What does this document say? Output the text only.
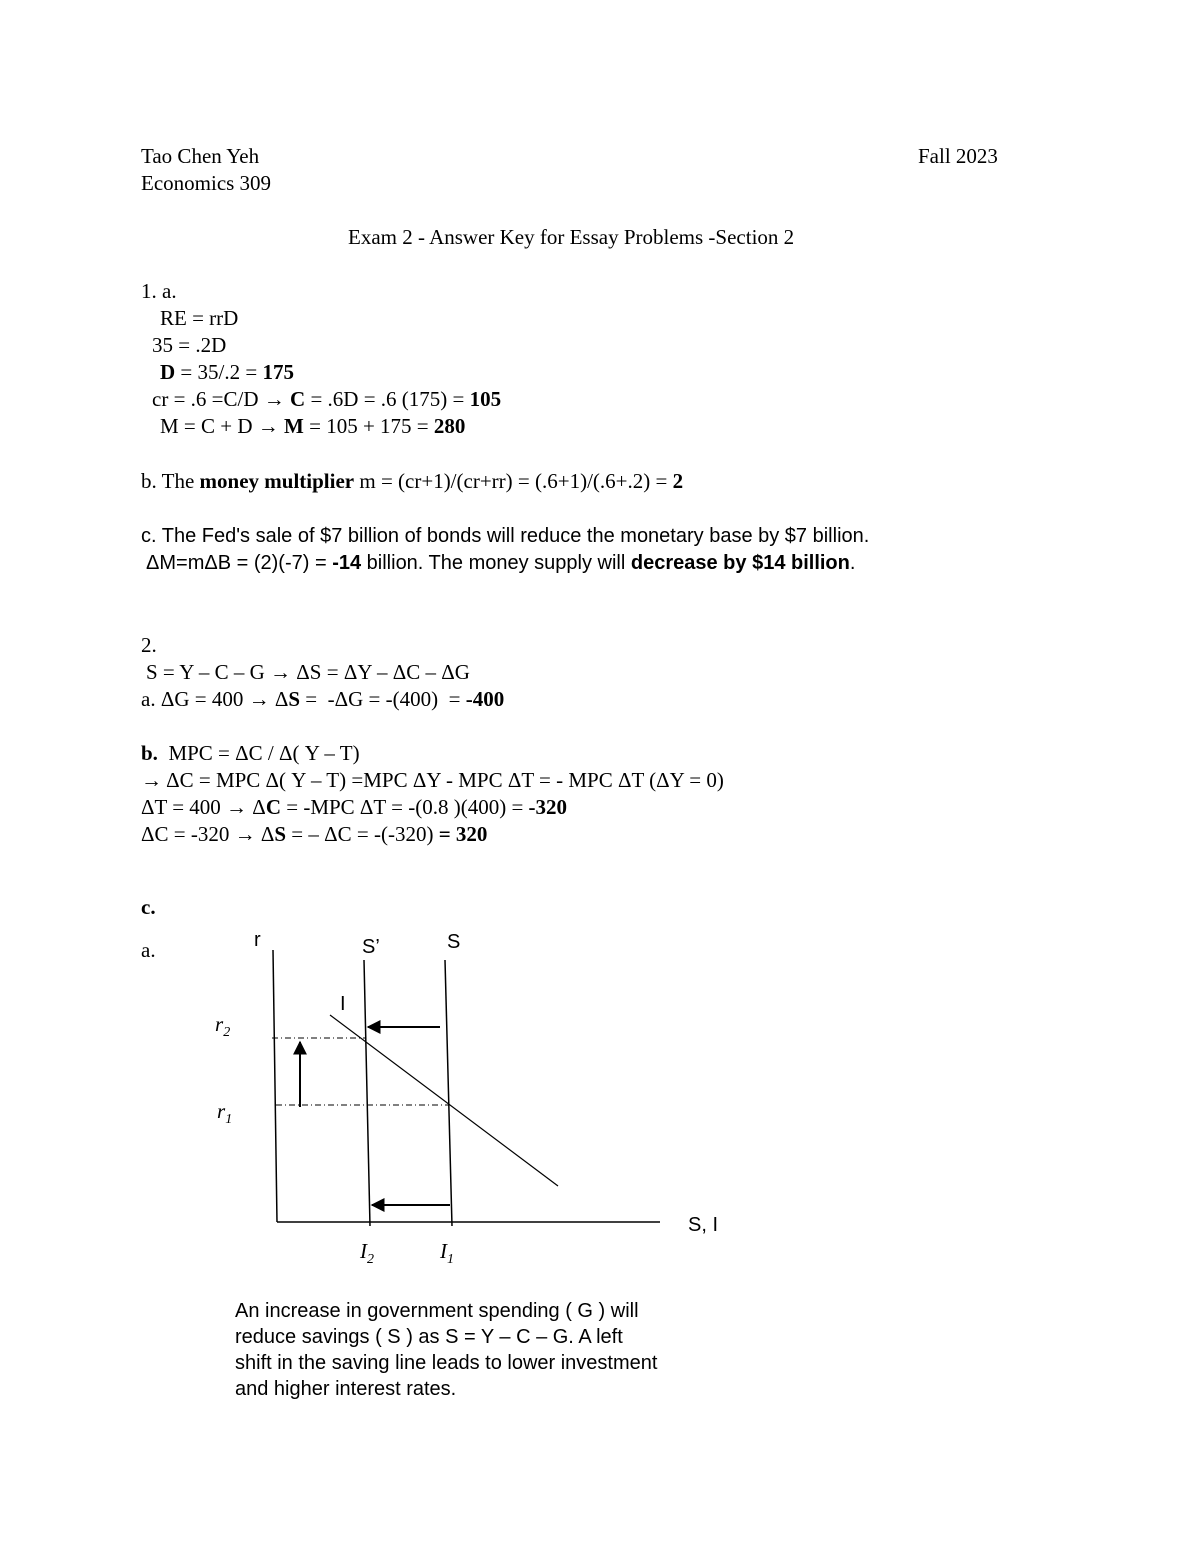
Tao Chen Yeh
Economics 309
Fall 2023
Exam 2 - Answer Key for Essay Problems -Section 2
1. a.
RE = rrD
35 = .2D
D = 35/.2 = 175
cr = .6 =C/D → C = .6D = .6 (175) = 105
M = C + D → M = 105 + 175 = 280
b. The money multiplier m = (cr+1)/(cr+rr) = (.6+1)/(.6+.2) = 2
c. The Fed's sale of $7 billion of bonds will reduce the monetary base by $7 billion.
ΔM=mΔB = (2)(-7) = -14 billion. The money supply will decrease by $14 billion.
2.
S = Y – C – G → ΔS = ΔY – ΔC – ΔG
a. ΔG = 400 → ΔS =  -ΔG = -(400)  = -400
b.  MPC = ΔC / Δ( Y – T)
→ ΔC = MPC Δ( Y – T) =MPC ΔY - MPC ΔT = - MPC ΔT (ΔY = 0)
ΔT = 400 → ΔC = -MPC ΔT = -(0.8 )(400) = -320
ΔC = -320 → ΔS = – ΔC = -(-320) = 320
c.
a.	r	S’	S
I
$r_2$
$r_1$
S, I
$I_2$	$I_1$
An increase in government spending ( G ) will
reduce savings ( S ) as S = Y – C – G. A left
shift in the saving line leads to lower investment
and higher interest rates.
